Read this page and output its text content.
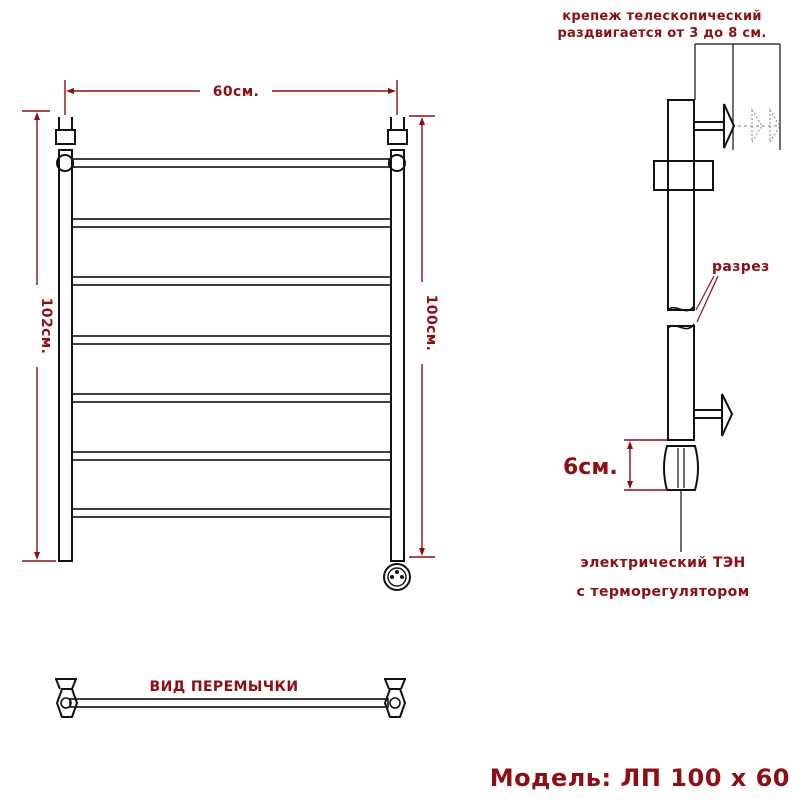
60см.
102см.	100см.
крепеж телескопический
раздвигается от 3 до 8 см.
разрез
6см.
электрический ТЭН
с терморегулятором
ВИД ПЕРЕМЫЧКИ
Модель: ЛП 100 х 60
